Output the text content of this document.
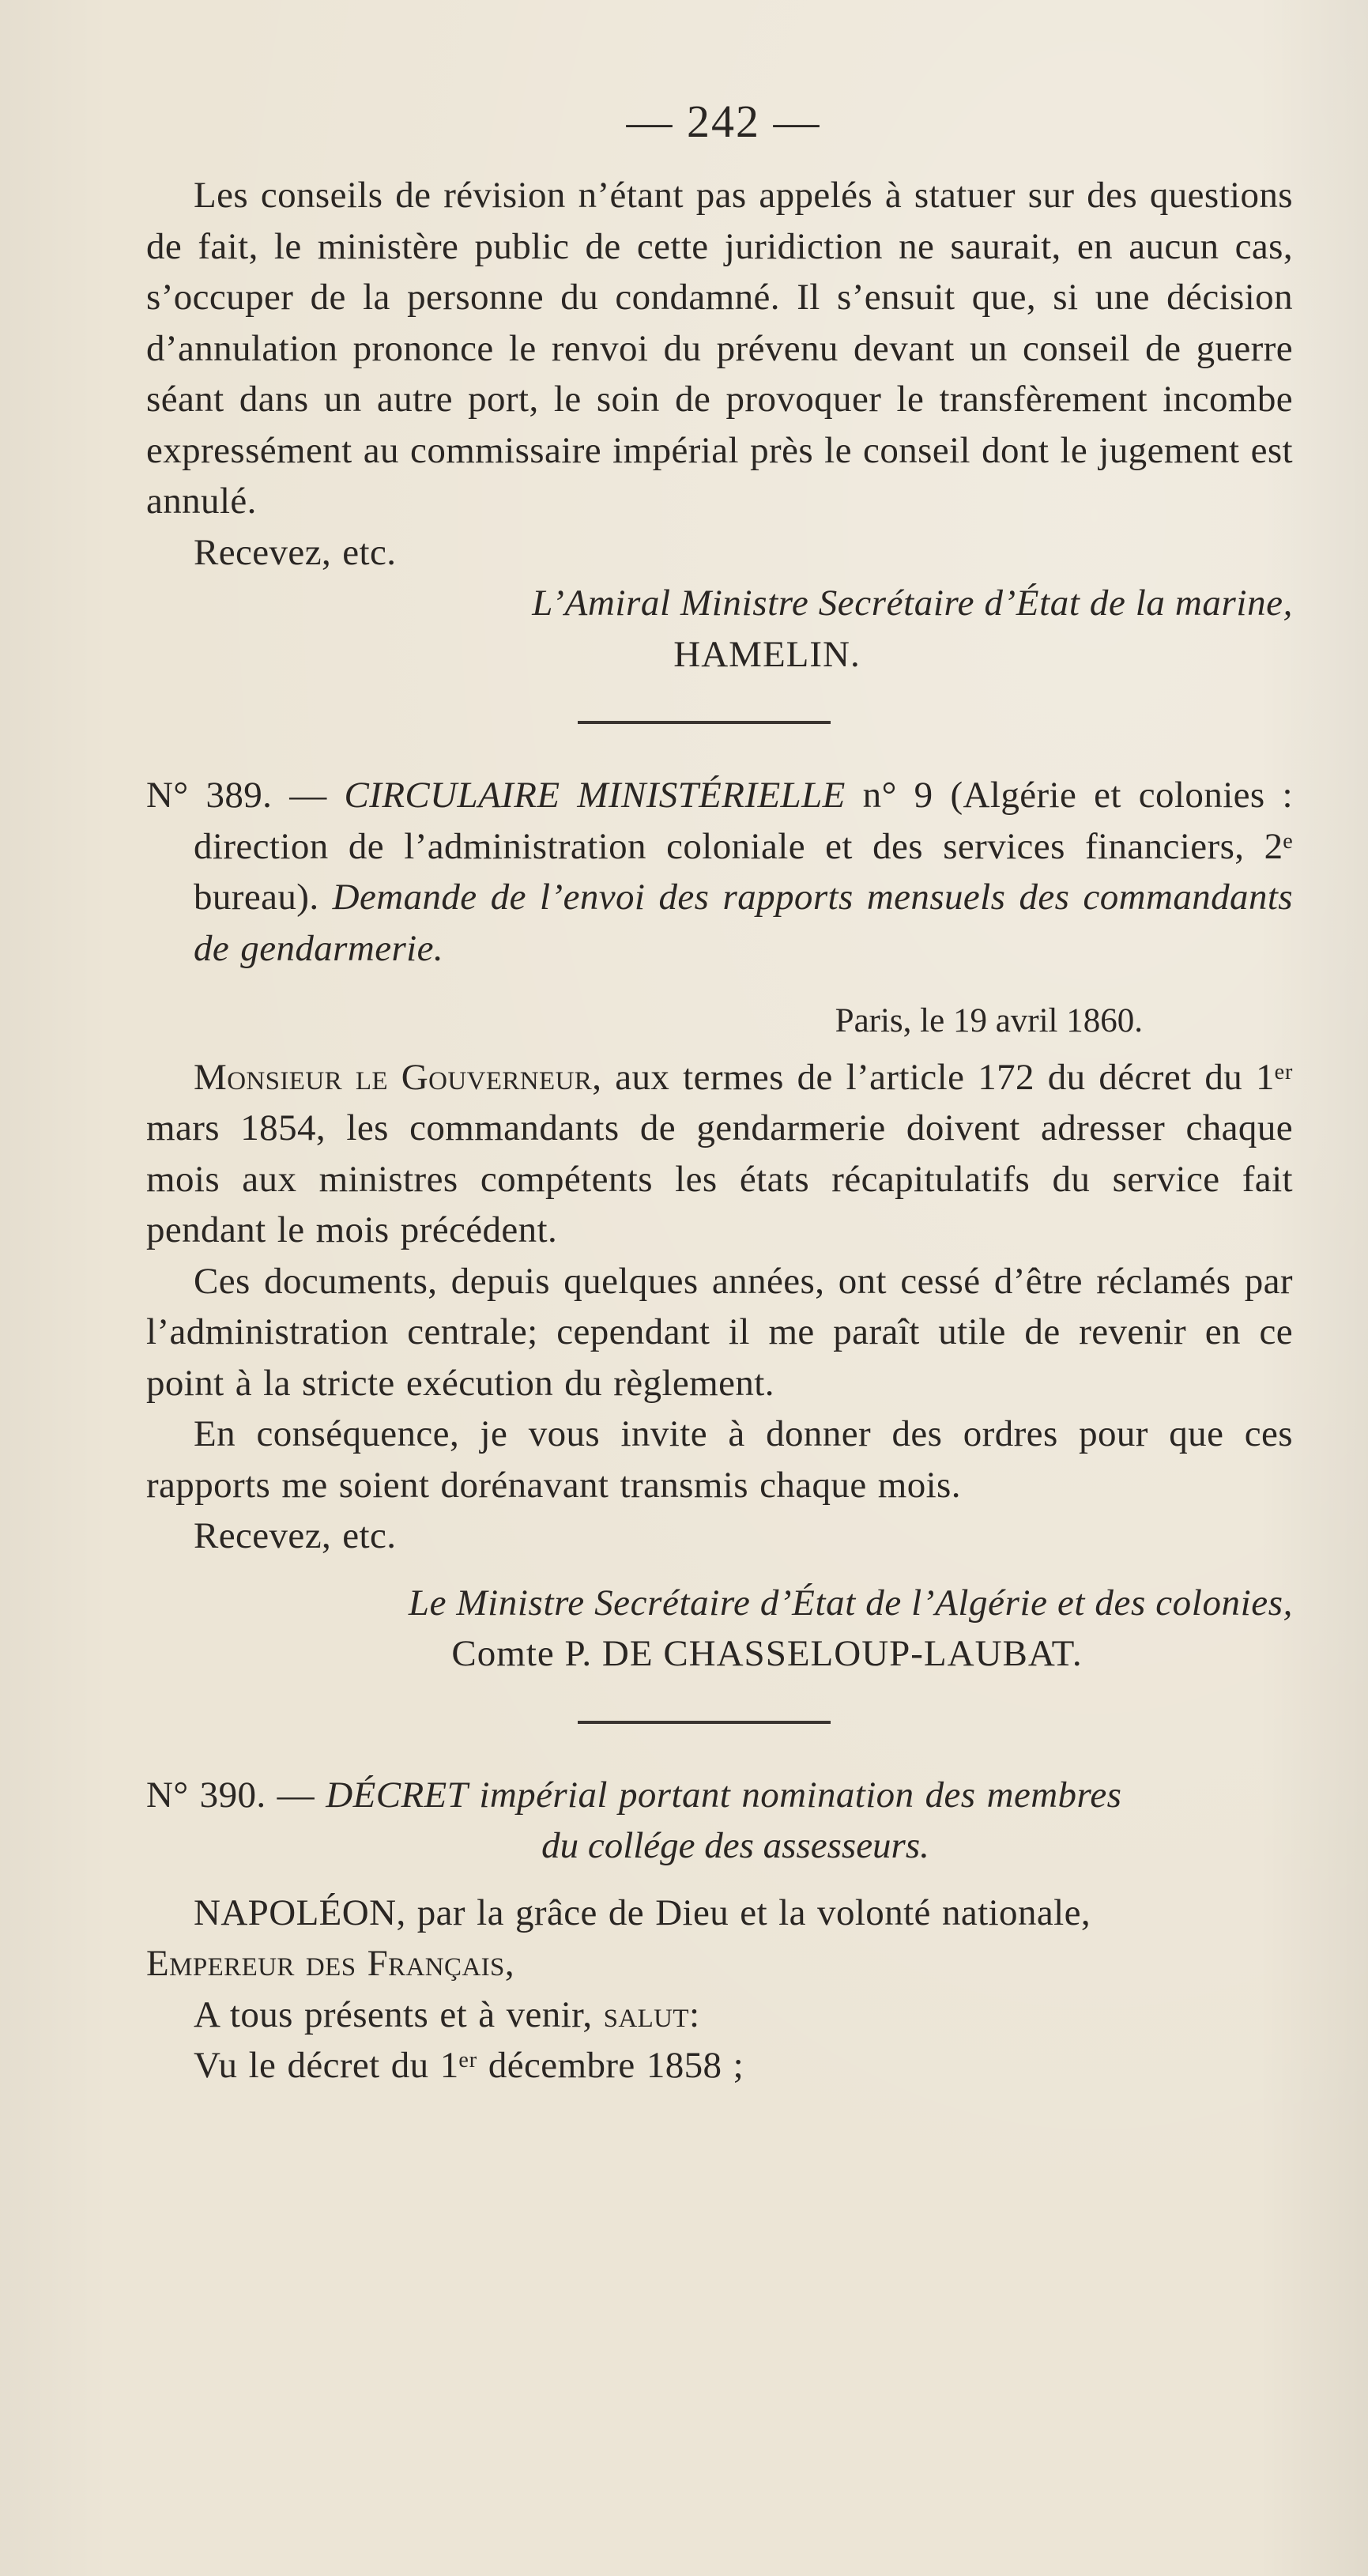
— 242 —

Les conseils de révision n’étant pas appelés à statuer sur des questions de fait, le ministère public de cette juridiction ne saurait, en aucun cas, s’occuper de la personne du condamné. Il s’ensuit que, si une décision d’annulation prononce le renvoi du prévenu devant un conseil de guerre séant dans un autre port, le soin de provoquer le transfèrement incombe expressément au commissaire impérial près le conseil dont le jugement est annulé.

Recevez, etc.

L’Amiral Ministre Secrétaire d’État de la marine,

HAMELIN.

N° 389. — CIRCULAIRE MINISTÉRIELLE n° 9 (Algérie et colonies : direction de l’administration coloniale et des services financiers, 2ᵉ bureau). Demande de l’envoi des rapports mensuels des commandants de gendarmerie.

Paris, le 19 avril 1860.

Monsieur le Gouverneur, aux termes de l’article 172 du décret du 1ᵉʳ mars 1854, les commandants de gendarmerie doivent adresser chaque mois aux ministres compétents les états récapitulatifs du service fait pendant le mois précédent.

Ces documents, depuis quelques années, ont cessé d’être réclamés par l’administration centrale; cependant il me paraît utile de revenir en ce point à la stricte exécution du règlement.

En conséquence, je vous invite à donner des ordres pour que ces rapports me soient dorénavant transmis chaque mois.

Recevez, etc.

Le Ministre Secrétaire d’État de l’Algérie et des colonies,

Comte P. DE CHASSELOUP-LAUBAT.

N° 390. — DÉCRET impérial portant nomination des membres

du collége des assesseurs.

NAPOLÉON, par la grâce de Dieu et la volonté nationale,

Empereur des Français,

A tous présents et à venir, salut:

Vu le décret du 1ᵉʳ décembre 1858 ;
